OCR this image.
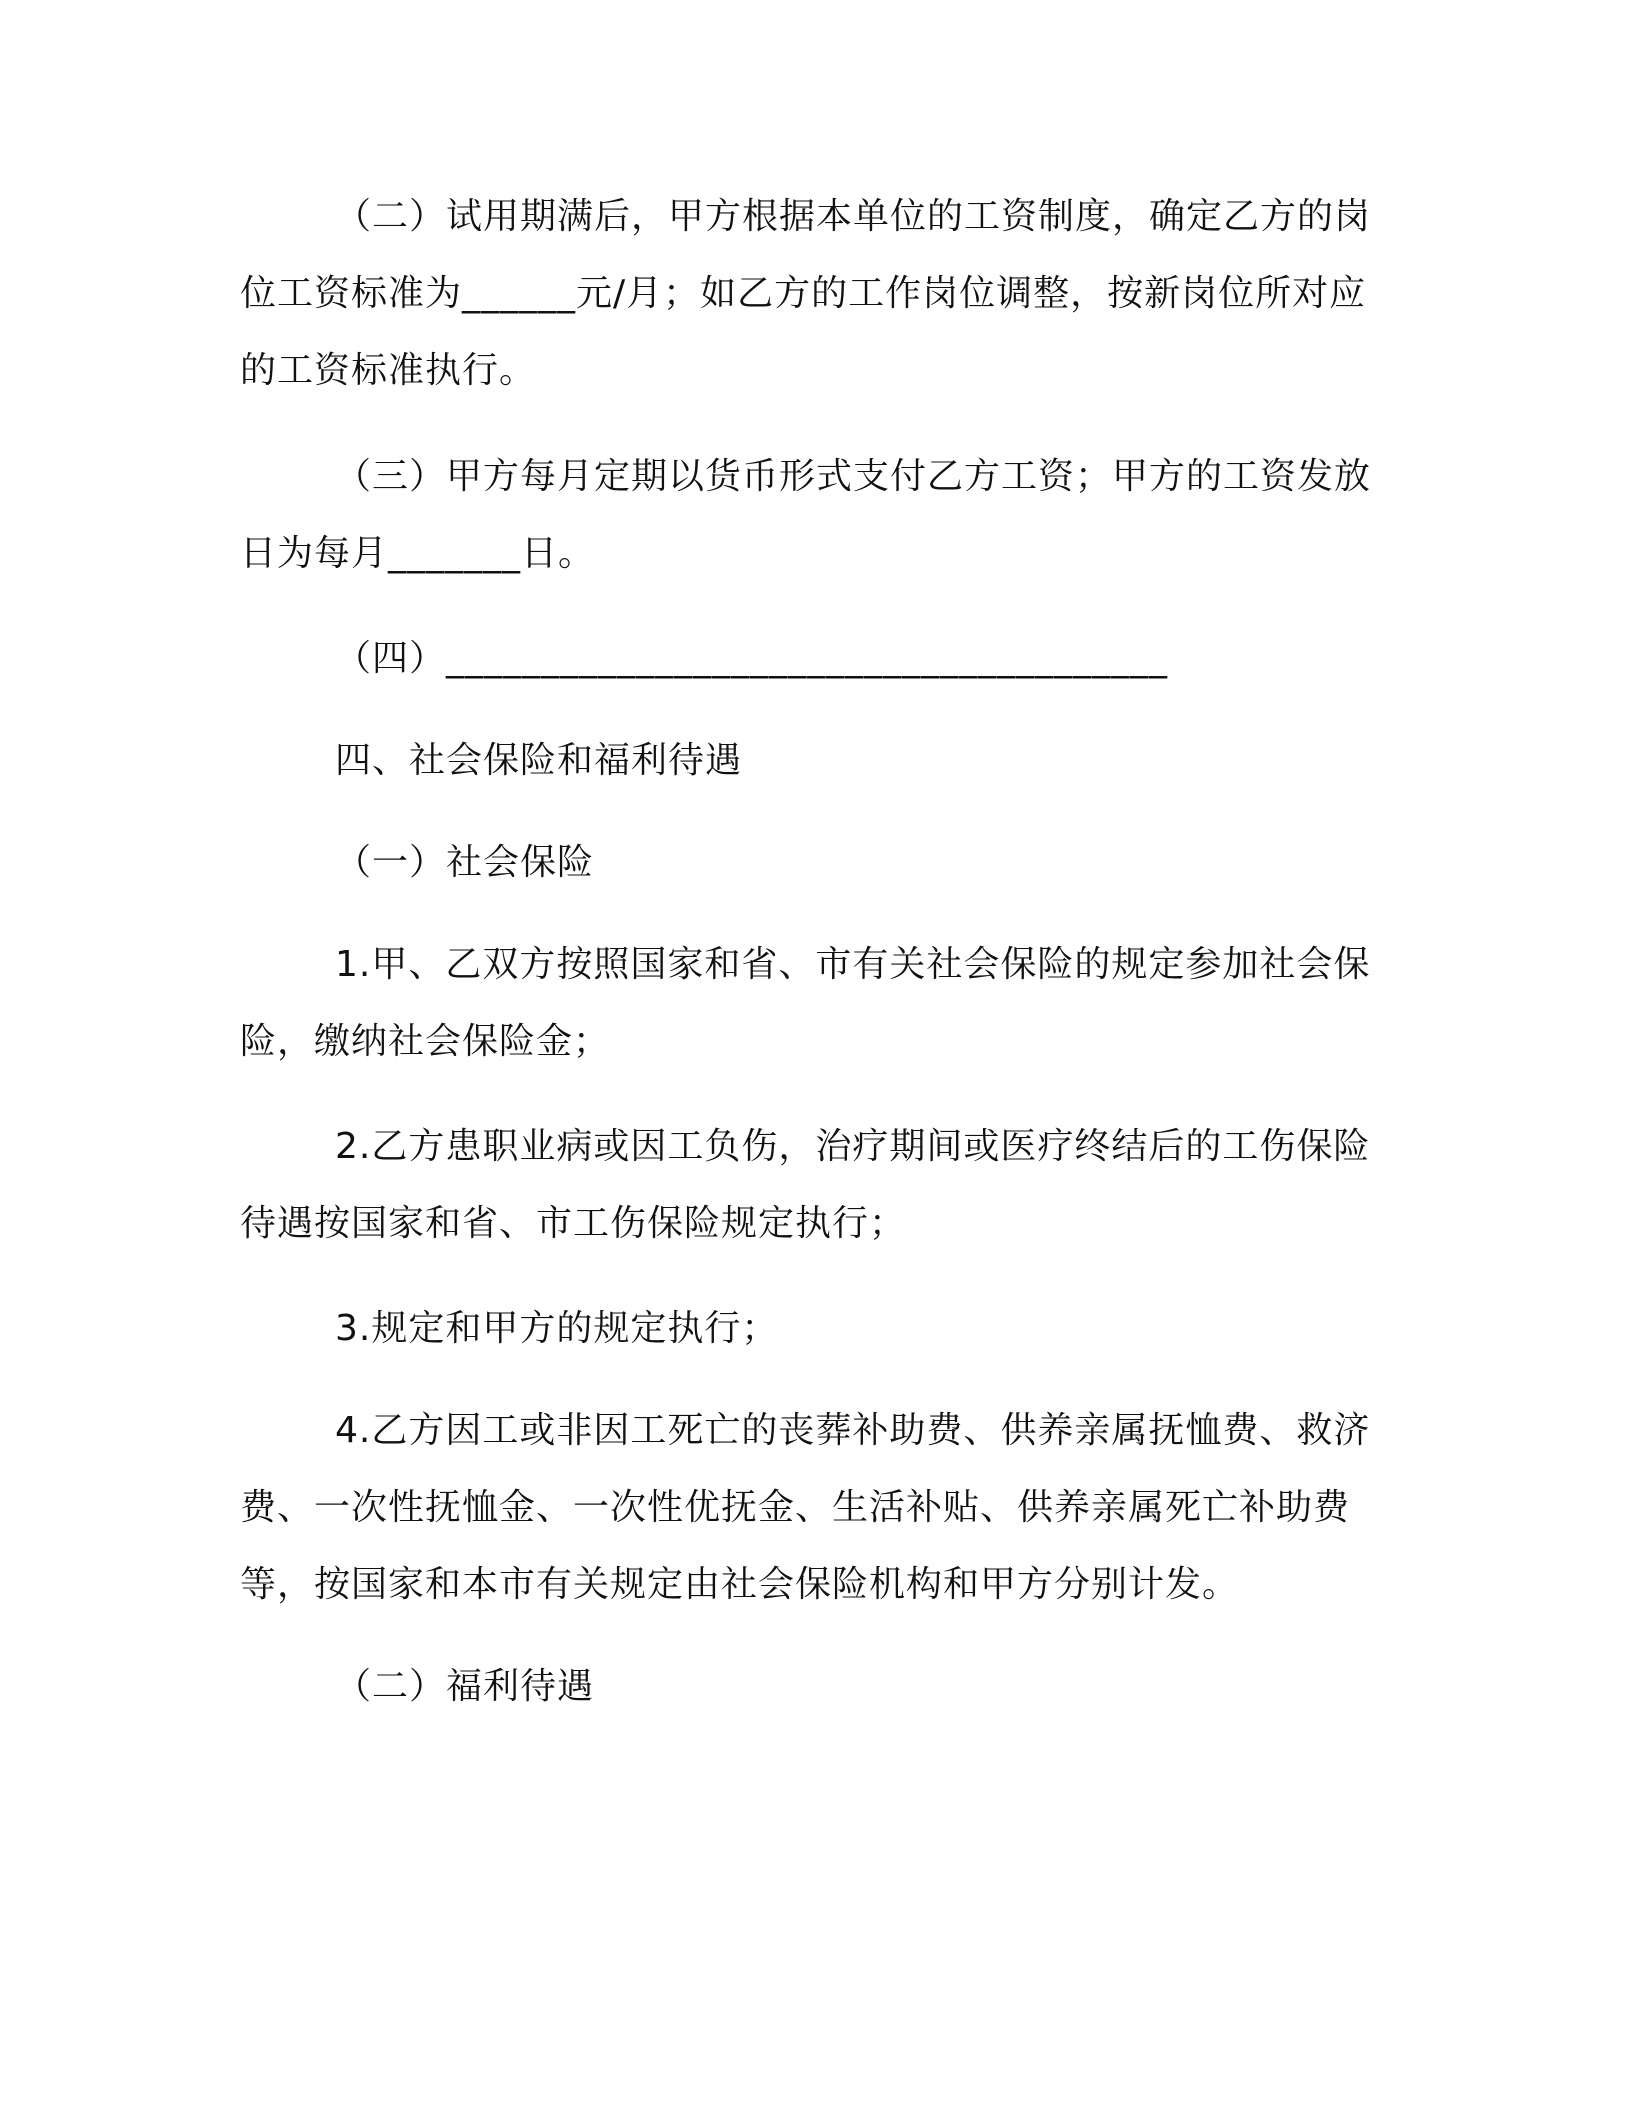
（二）试用期满后，甲方根据本单位的工资制度，确定乙方的岗位工资标准为______元/月；如乙方的工作岗位调整，按新岗位所对应的工资标准执行。

（三）甲方每月定期以货币形式支付乙方工资；甲方的工资发放日为每月_______日。

（四）______________________________________

四、社会保险和福利待遇

（一）社会保险

1.甲、乙双方按照国家和省、市有关社会保险的规定参加社会保险，缴纳社会保险金；

2.乙方患职业病或因工负伤，治疗期间或医疗终结后的工伤保险待遇按国家和省、市工伤保险规定执行；

3.规定和甲方的规定执行；

4.乙方因工或非因工死亡的丧葬补助费、供养亲属抚恤费、救济费、一次性抚恤金、一次性优抚金、生活补贴、供养亲属死亡补助费等，按国家和本市有关规定由社会保险机构和甲方分别计发。

（二）福利待遇
